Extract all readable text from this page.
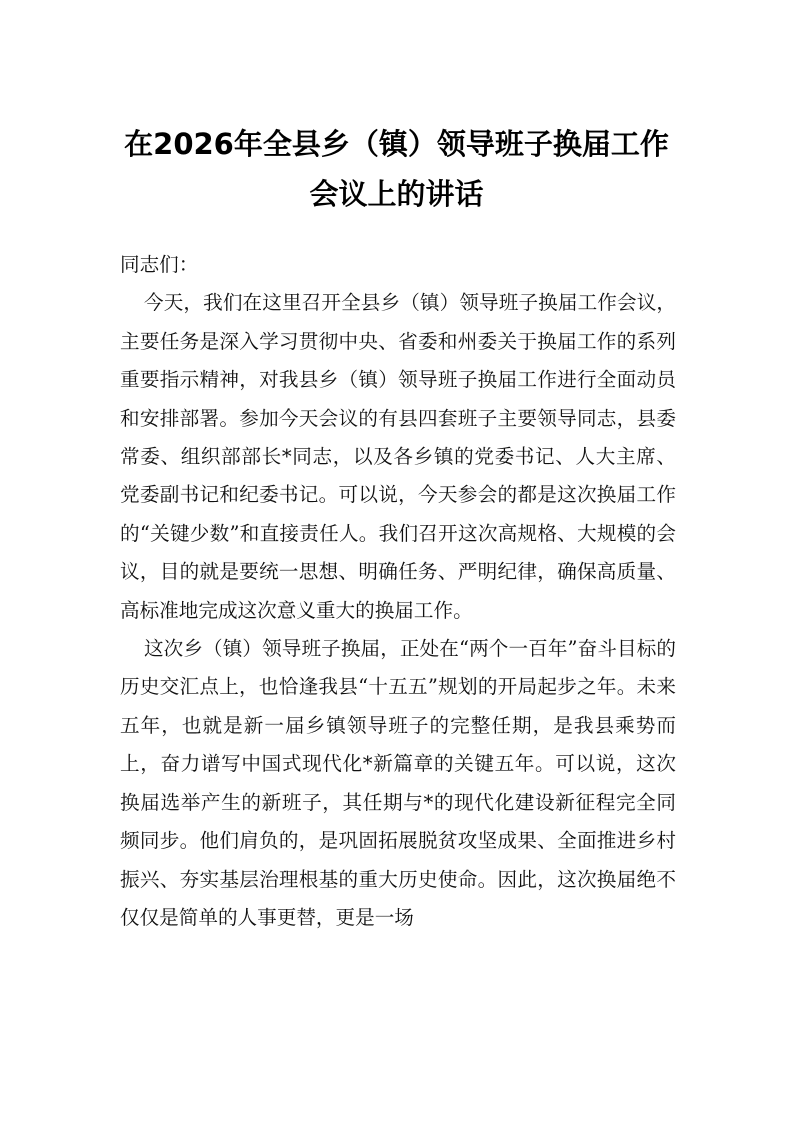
在2026年全县乡（镇）领导班子换届工作
会议上的讲话

同志们：

今天，我们在这里召开全县乡（镇）领导班子换届工作会议，主要任务是深入学习贯彻中央、省委和州委关于换届工作的系列重要指示精神，对我县乡（镇）领导班子换届工作进行全面动员和安排部署。参加今天会议的有县四套班子主要领导同志，县委常委、组织部部长*同志，以及各乡镇的党委书记、人大主席、党委副书记和纪委书记。可以说，今天参会的都是这次换届工作的“关键少数”和直接责任人。我们召开这次高规格、大规模的会议，目的就是要统一思想、明确任务、严明纪律，确保高质量、高标准地完成这次意义重大的换届工作。

这次乡（镇）领导班子换届，正处在“两个一百年”奋斗目标的历史交汇点上，也恰逢我县“十五五”规划的开局起步之年。未来五年，也就是新一届乡镇领导班子的完整任期，是我县乘势而上，奋力谱写中国式现代化*新篇章的关键五年。可以说，这次换届选举产生的新班子，其任期与*的现代化建设新征程完全同频同步。他们肩负的，是巩固拓展脱贫攻坚成果、全面推进乡村振兴、夯实基层治理根基的重大历史使命。因此，这次换届绝不仅仅是简单的人事更替，更是一场
